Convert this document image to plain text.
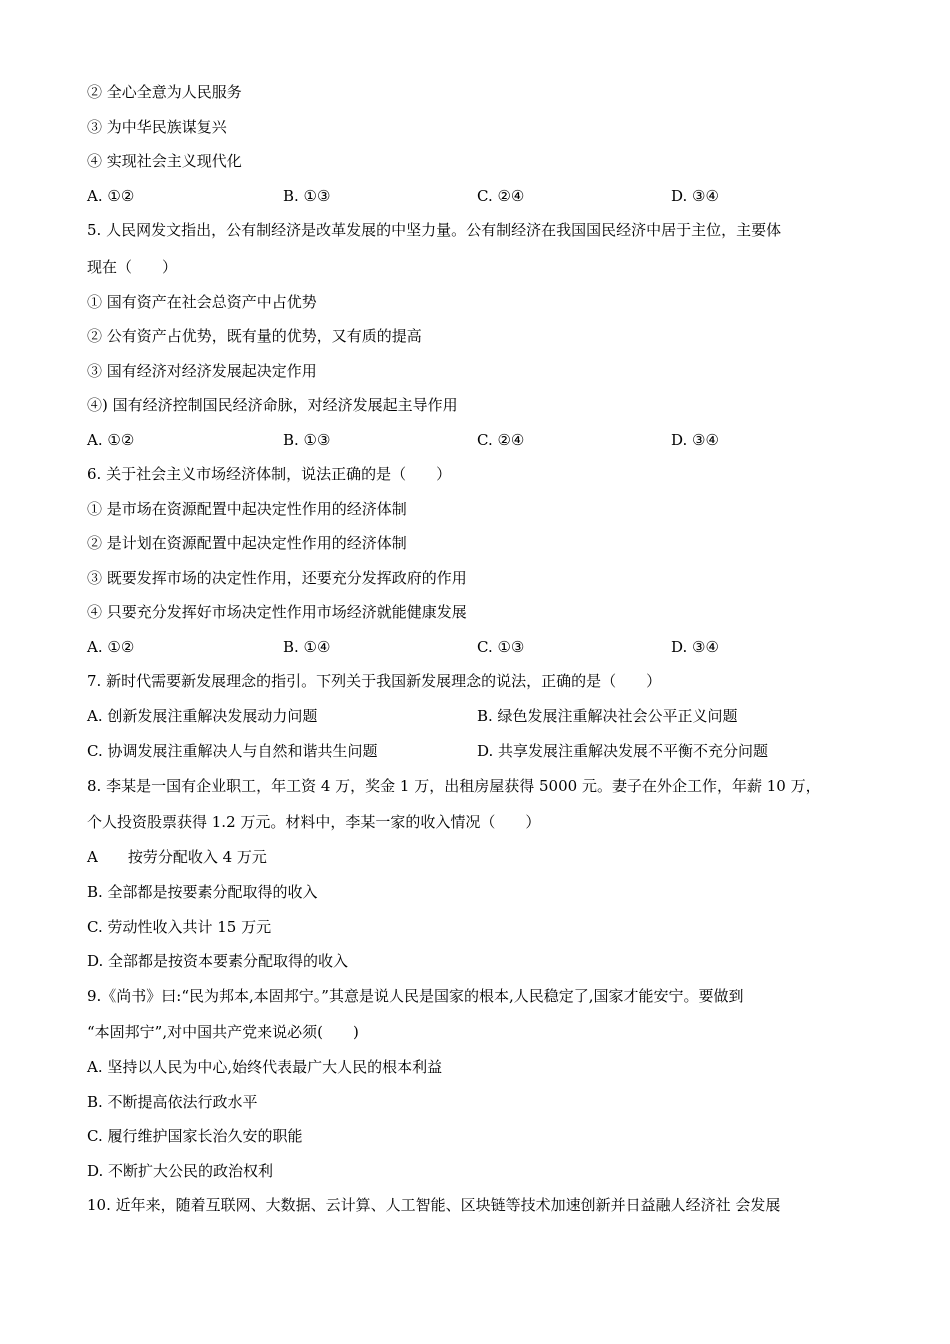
② 全心全意为人民服务
③ 为中华民族谋复兴
④ 实现社会主义现代化
A. ①②	B. ①③	C. ②④	D. ③④
5. 人民网发文指出，公有制经济是改革发展的中坚力量。公有制经济在我国国民经济中居于主位，主要体
现在（　　）
① 国有资产在社会总资产中占优势
② 公有资产占优势，既有量的优势，又有质的提高
③ 国有经济对经济发展起决定作用
④) 国有经济控制国民经济命脉，对经济发展起主导作用
A. ①②	B. ①③	C. ②④	D. ③④
6. 关于社会主义市场经济体制，说法正确的是（　　）
① 是市场在资源配置中起决定性作用的经济体制
② 是计划在资源配置中起决定性作用的经济体制
③ 既要发挥市场的决定性作用，还要充分发挥政府的作用
④ 只要充分发挥好市场决定性作用市场经济就能健康发展
A. ①②	B. ①④	C. ①③	D. ③④
7. 新时代需要新发展理念的指引。下列关于我国新发展理念的说法，正确的是（　　）
A. 创新发展注重解决发展动力问题	B. 绿色发展注重解决社会公平正义问题
C. 协调发展注重解决人与自然和谐共生问题	D. 共享发展注重解决发展不平衡不充分问题
8. 李某是一国有企业职工，年工资 4 万，奖金 1 万，出租房屋获得 5000 元。妻子在外企工作，年薪 10 万，
个人投资股票获得 1.2 万元。材料中，李某一家的收入情况（　　）
A　　按劳分配收入 4 万元
B. 全部都是按要素分配取得的收入
C. 劳动性收入共计 15 万元
D. 全部都是按资本要素分配取得的收入
9.《尚书》曰:“民为邦本,本固邦宁。”其意是说人民是国家的根本,人民稳定了,国家才能安宁。要做到
“本固邦宁”,对中国共产党来说必须(　　)
A. 坚持以人民为中心,始终代表最广大人民的根本利益
B. 不断提高依法行政水平
C. 履行维护国家长治久安的职能
D. 不断扩大公民的政治权利
10. 近年来，随着互联网、大数据、云计算、人工智能、区块链等技术加速创新并日益融人经济社 会发展
